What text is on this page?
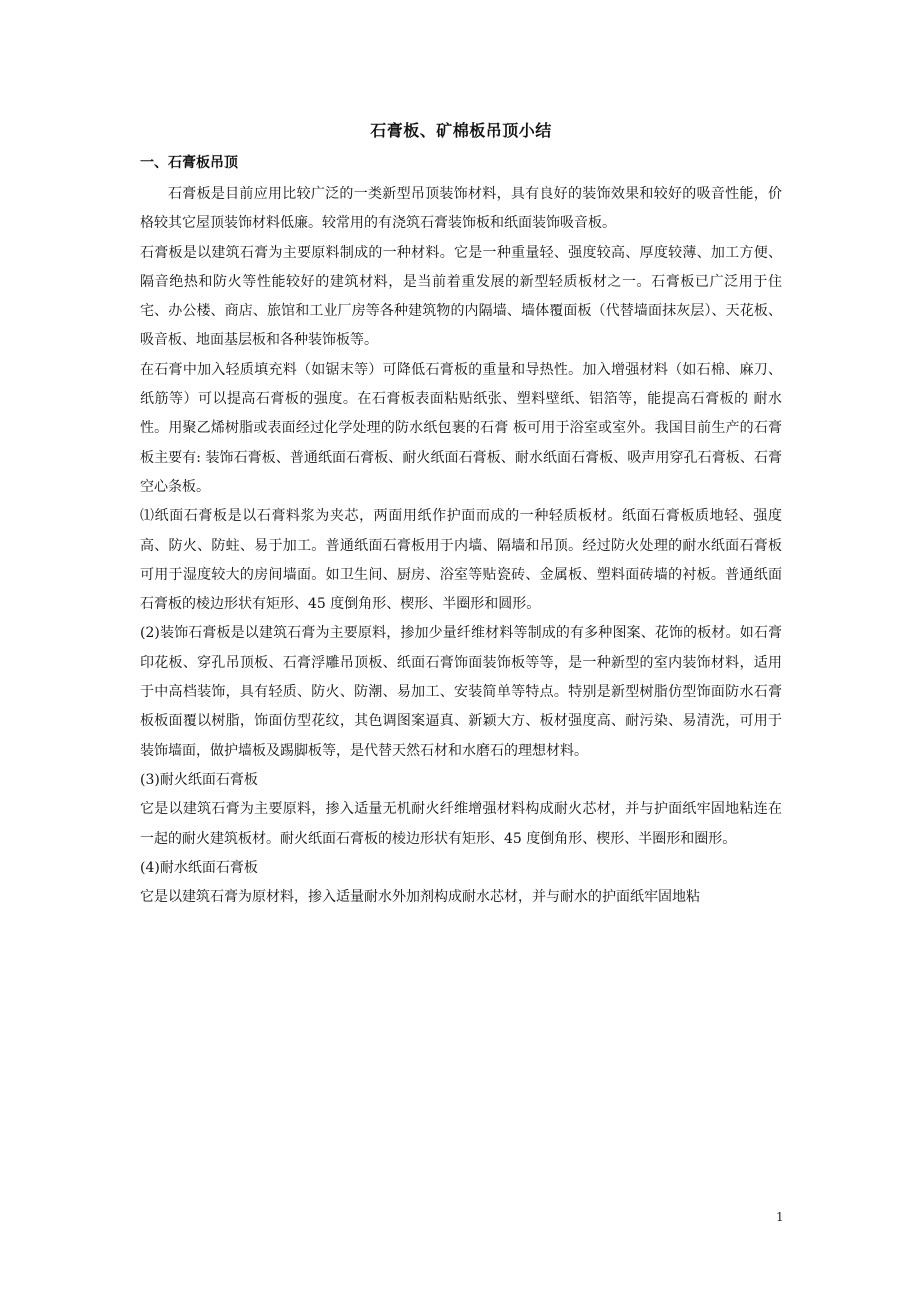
石膏板、矿棉板吊顶小结
一、石膏板吊顶

石膏板是目前应用比较广泛的一类新型吊顶装饰材料，具有良好的装饰效果和较好的吸音性能，价格较其它屋顶装饰材料低廉。较常用的有浇筑石膏装饰板和纸面装饰吸音板。

石膏板是以建筑石膏为主要原料制成的一种材料。它是一种重量轻、强度较高、厚度较薄、加工方便、隔音绝热和防火等性能较好的建筑材料，是当前着重发展的新型轻质板材之一。石膏板已广泛用于住宅、办公楼、商店、旅馆和工业厂房等各种建筑物的内隔墙、墙体覆面板（代替墙面抹灰层）、天花板、吸音板、地面基层板和各种装饰板等。

在石膏中加入轻质填充料（如锯末等）可降低石膏板的重量和导热性。加入增强材料（如石棉、麻刀、纸筋等）可以提高石膏板的强度。在石膏板表面粘贴纸张、塑料壁纸、铝箔等，能提高石膏板的 耐水性。用聚乙烯树脂或表面经过化学处理的防水纸包裹的石膏 板可用于浴室或室外。我国目前生产的石膏板主要有: 装饰石膏板、普通纸面石膏板、耐火纸面石膏板、耐水纸面石膏板、吸声用穿孔石膏板、石膏空心条板。

⑴纸面石膏板是以石膏料浆为夹芯，两面用纸作护面而成的一种轻质板材。纸面石膏板质地轻、强度高、防火、防蛀、易于加工。普通纸面石膏板用于内墙、隔墙和吊顶。经过防火处理的耐水纸面石膏板可用于湿度较大的房间墙面。如卫生间、厨房、浴室等贴瓷砖、金属板、塑料面砖墙的衬板。普通纸面石膏板的棱边形状有矩形、45 度倒角形、楔形、半圈形和圆形。

(2)装饰石膏板是以建筑石膏为主要原料，掺加少量纤维材料等制成的有多种图案、花饰的板材。如石膏印花板、穿孔吊顶板、石膏浮雕吊顶板、纸面石膏饰面装饰板等等，是一种新型的室内装饰材料，适用于中高档装饰，具有轻质、防火、防潮、易加工、安装简单等特点。特别是新型树脂仿型饰面防水石膏板板面覆以树脂，饰面仿型花纹，其色调图案逼真、新颖大方、板材强度高、耐污染、易清洗，可用于装饰墙面，做护墙板及踢脚板等，是代替天然石材和水磨石的理想材料。

(3)耐火纸面石膏板

它是以建筑石膏为主要原料，掺入适量无机耐火纤维增强材料构成耐火芯材，并与护面纸牢固地粘连在一起的耐火建筑板材。耐火纸面石膏板的棱边形状有矩形、45 度倒角形、楔形、半圈形和圈形。

(4)耐水纸面石膏板

它是以建筑石膏为原材料，掺入适量耐水外加剂构成耐水芯材，并与耐水的护面纸牢固地粘

1
